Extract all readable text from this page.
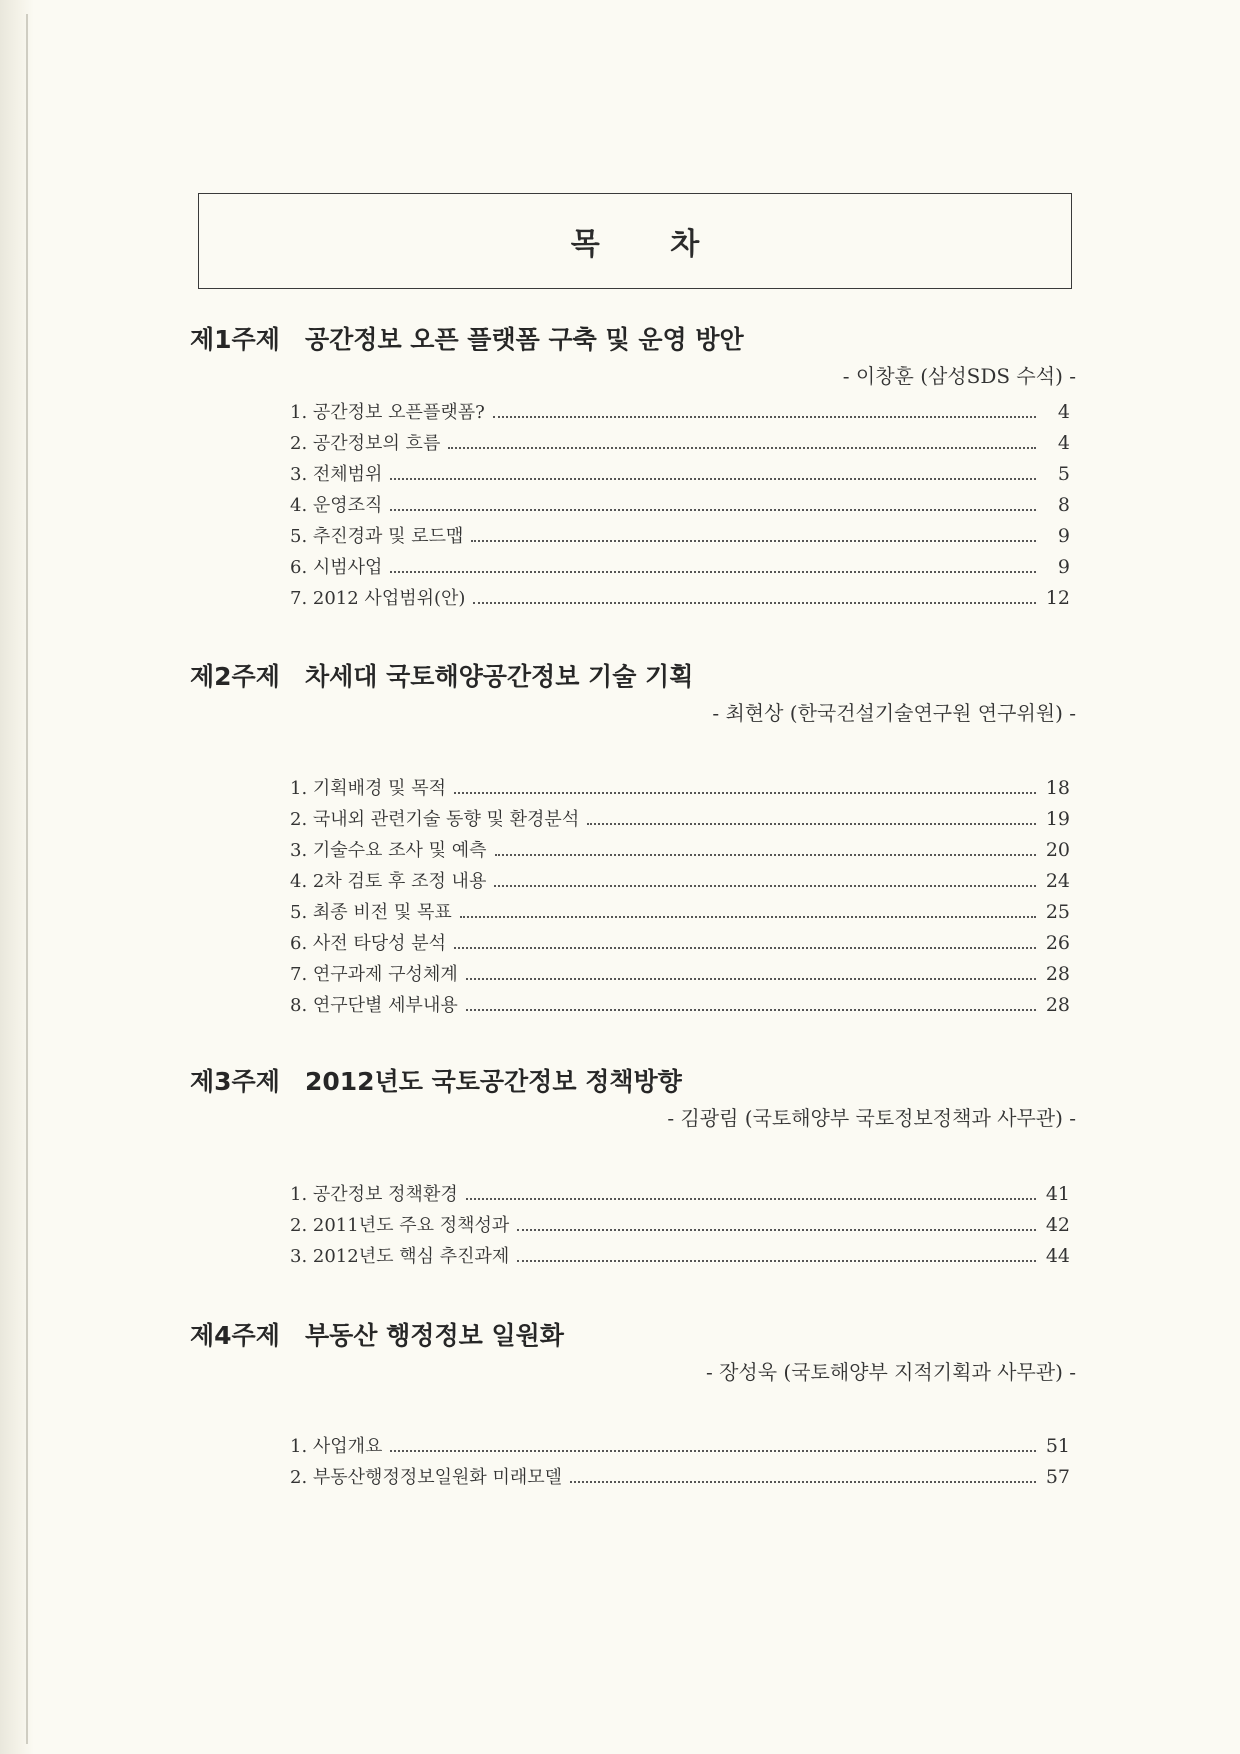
목 차
제1주제 공간정보 오픈 플랫폼 구축 및 운영 방안
- 이창훈 (삼성SDS 수석) -
1. 공간정보 오픈플랫폼?	4
2. 공간정보의 흐름	4
3. 전체범위	5
4. 운영조직	8
5. 추진경과 및 로드맵	9
6. 시범사업	9
7. 2012 사업범위(안)	12
제2주제 차세대 국토해양공간정보 기술 기획
- 최현상 (한국건설기술연구원 연구위원) -
1. 기획배경 및 목적	18
2. 국내외 관련기술 동향 및 환경분석	19
3. 기술수요 조사 및 예측	20
4. 2차 검토 후 조정 내용	24
5. 최종 비전 및 목표	25
6. 사전 타당성 분석	26
7. 연구과제 구성체계	28
8. 연구단별 세부내용	28
제3주제 2012년도 국토공간정보 정책방향
- 김광림 (국토해양부 국토정보정책과 사무관) -
1. 공간정보 정책환경	41
2. 2011년도 주요 정책성과	42
3. 2012년도 핵심 추진과제	44
제4주제 부동산 행정정보 일원화
- 장성욱 (국토해양부 지적기획과 사무관) -
1. 사업개요	51
2. 부동산행정정보일원화 미래모델	57
